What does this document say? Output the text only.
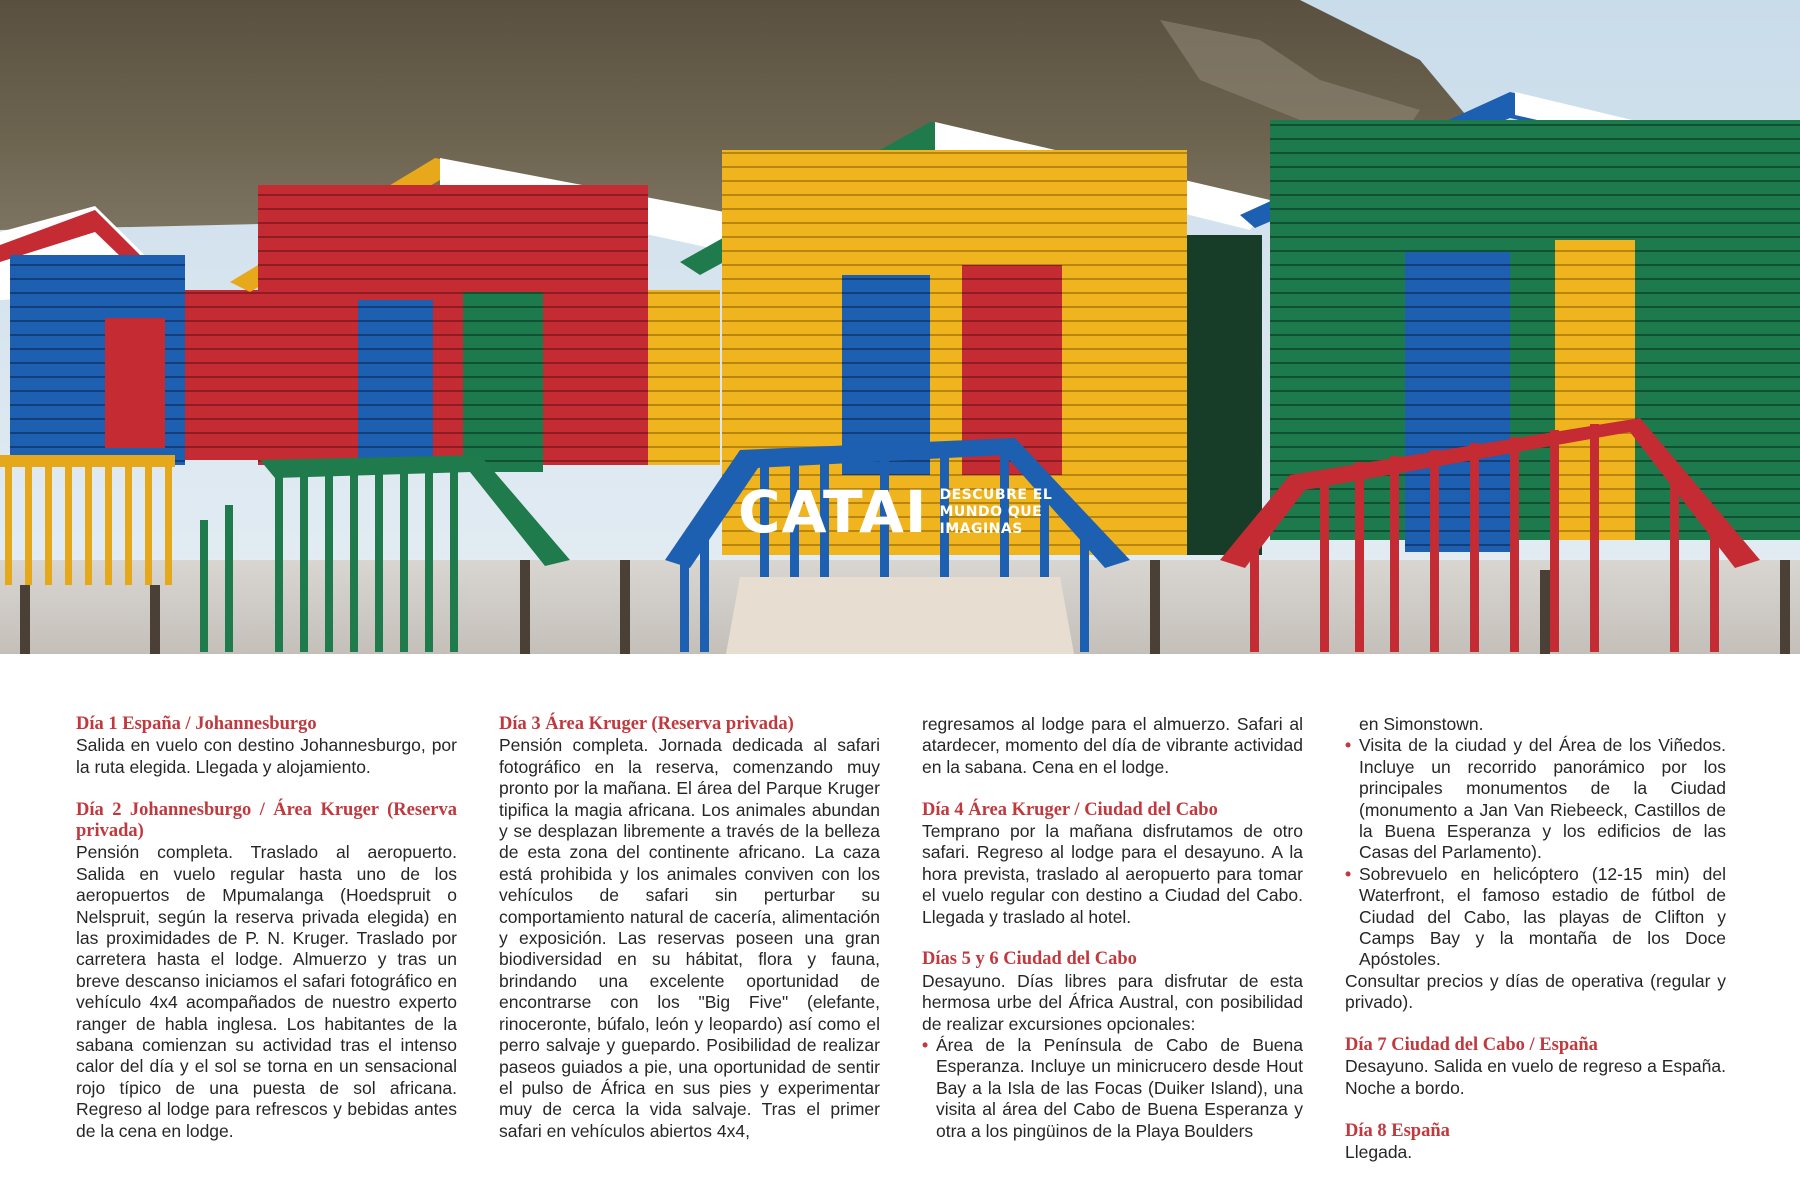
CATAI DESCUBRE EL
MUNDO QUE
IMAGINAS

Día 1 España / Johannesburgo

Salida en vuelo con destino Johannesburgo, por la ruta elegida. Llegada y alojamiento.

Día 2 Johannesburgo / Área Kruger (Reserva privada)

Pensión completa. Traslado al aeropuerto. Salida en vuelo regular hasta uno de los aeropuertos de Mpumalanga (Hoedspruit o Nelspruit, según la reserva privada elegida) en las proximidades de P. N. Kruger. Traslado por carretera hasta el lodge. Almuerzo y tras un breve descanso iniciamos el safari fotográfico en vehículo 4x4 acompañados de nuestro experto ranger de habla inglesa. Los habitantes de la sabana comienzan su actividad tras el intenso calor del día y el sol se torna en un sensacional rojo típico de una puesta de sol africana. Regreso al lodge para refrescos y bebidas antes de la cena en lodge.

Día 3 Área Kruger (Reserva privada)

Pensión completa. Jornada dedicada al safari fotográfico en la reserva, comenzando muy pronto por la mañana. El área del Parque Kruger tipifica la magia africana. Los animales abundan y se desplazan libremente a través de la belleza de esta zona del continente africano. La caza está prohibida y los animales conviven con los vehículos de safari sin perturbar su comportamiento natural de cacería, alimentación y exposición. Las reservas poseen una gran biodiversidad en su hábitat, flora y fauna, brindando una excelente oportunidad de encontrarse con los "Big Five" (elefante, rinoceronte, búfalo, león y leopardo) así como el perro salvaje y guepardo. Posibilidad de realizar paseos guiados a pie, una oportunidad de sentir el pulso de África en sus pies y experimentar muy de cerca la vida salvaje. Tras el primer safari en vehículos abiertos 4x4,

regresamos al lodge para el almuerzo. Safari al atardecer, momento del día de vibrante actividad en la sabana. Cena en el lodge.

Día 4 Área Kruger / Ciudad del Cabo

Temprano por la mañana disfrutamos de otro safari. Regreso al lodge para el desayuno. A la hora prevista, traslado al aeropuerto para tomar el vuelo regular con destino a Ciudad del Cabo. Llegada y traslado al hotel.

Días 5 y 6 Ciudad del Cabo

Desayuno. Días libres para disfrutar de esta hermosa urbe del África Austral, con posibilidad de realizar excursiones opcionales:

• Área de la Península de Cabo de Buena Esperanza. Incluye un minicrucero desde Hout Bay a la Isla de las Focas (Duiker Island), una visita al área del Cabo de Buena Esperanza y otra a los pingüinos de la Playa Boulders

en Simonstown.

• Visita de la ciudad y del Área de los Viñedos. Incluye un recorrido panorámico por los principales monumentos de la Ciudad (monumento a Jan Van Riebeeck, Castillos de la Buena Esperanza y los edificios de las Casas del Parlamento).
• Sobrevuelo en helicóptero (12-15 min) del Waterfront, el famoso estadio de fútbol de Ciudad del Cabo, las playas de Clifton y Camps Bay y la montaña de los Doce Apóstoles.

Consultar precios y días de operativa (regular y privado).

Día 7 Ciudad del Cabo / España

Desayuno. Salida en vuelo de regreso a España. Noche a bordo.

Día 8 España

Llegada.
